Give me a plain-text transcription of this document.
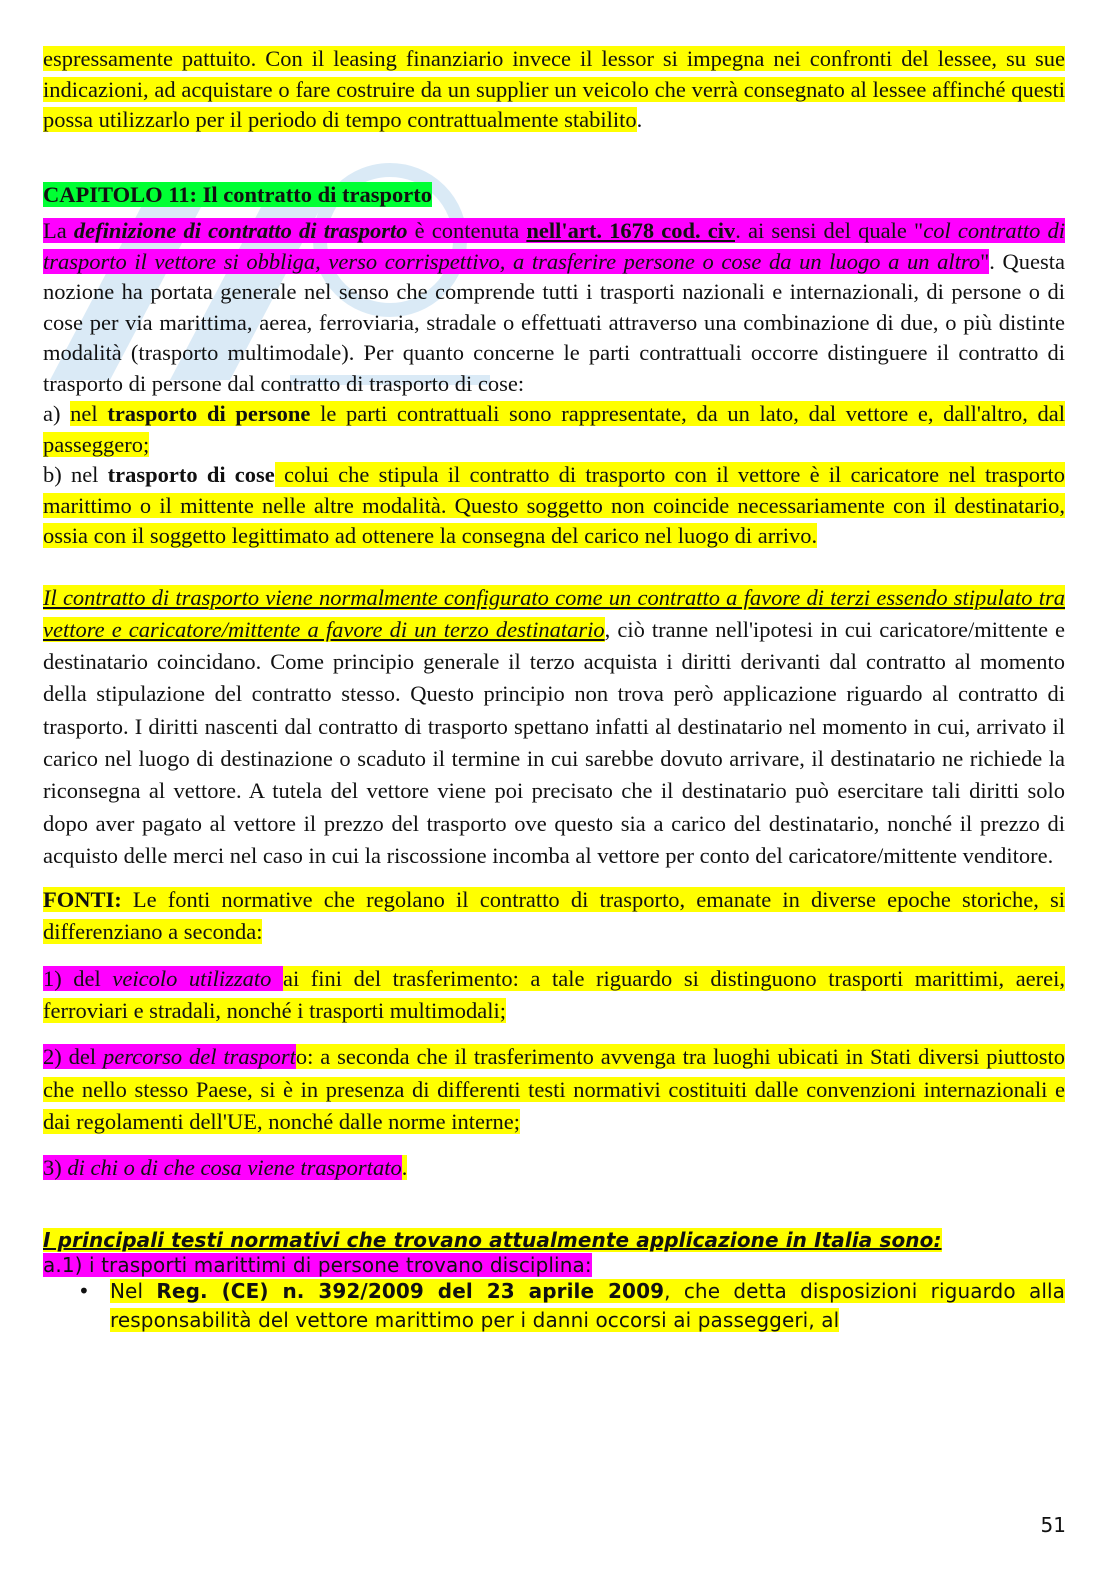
espressamente pattuito. Con il leasing finanziario invece il lessor si impegna nei confronti del lessee, su sue indicazioni, ad acquistare o fare costruire da un supplier un veicolo che verrà consegnato al lessee affinché questi possa utilizzarlo per il periodo di tempo contrattualmente stabilito.

CAPITOLO 11: Il contratto di trasporto

La definizione di contratto di trasporto è contenuta nell'art. 1678 cod. civ. ai sensi del quale "col contratto di trasporto il vettore si obbliga, verso corrispettivo, a trasferire persone o cose da un luogo a un altro". Questa nozione ha portata generale nel senso che comprende tutti i trasporti nazionali e internazionali, di persone o di cose per via marittima, aerea, ferroviaria, stradale o effettuati attraverso una combinazione di due, o più distinte modalità (trasporto multimodale). Per quanto concerne le parti contrattuali occorre distinguere il contratto di trasporto di persone dal contratto di trasporto di cose:

a) nel trasporto di persone le parti contrattuali sono rappresentate, da un lato, dal vettore e, dall'altro, dal passeggero;

b) nel trasporto di cose colui che stipula il contratto di trasporto con il vettore è il caricatore nel trasporto marittimo o il mittente nelle altre modalità. Questo soggetto non coincide necessariamente con il destinatario, ossia con il soggetto legittimato ad ottenere la consegna del carico nel luogo di arrivo.

Il contratto di trasporto viene normalmente configurato come un contratto a favore di terzi essendo stipulato tra vettore e caricatore/mittente a favore di un terzo destinatario, ciò tranne nell'ipotesi in cui caricatore/mittente e destinatario coincidano. Come principio generale il terzo acquista i diritti derivanti dal contratto al momento della stipulazione del contratto stesso. Questo principio non trova però applicazione riguardo al contratto di trasporto. I diritti nascenti dal contratto di trasporto spettano infatti al destinatario nel momento in cui, arrivato il carico nel luogo di destinazione o scaduto il termine in cui sarebbe dovuto arrivare, il destinatario ne richiede la riconsegna al vettore. A tutela del vettore viene poi precisato che il destinatario può esercitare tali diritti solo dopo aver pagato al vettore il prezzo del trasporto ove questo sia a carico del destinatario, nonché il prezzo di acquisto delle merci nel caso in cui la riscossione incomba al vettore per conto del caricatore/mittente venditore.

FONTI: Le fonti normative che regolano il contratto di trasporto, emanate in diverse epoche storiche, si differenziano a seconda:

1) del veicolo utilizzato ai fini del trasferimento: a tale riguardo si distinguono trasporti marittimi, aerei, ferroviari e stradali, nonché i trasporti multimodali;

2) del percorso del trasporto: a seconda che il trasferimento avvenga tra luoghi ubicati in Stati diversi piuttosto che nello stesso Paese, si è in presenza di differenti testi normativi costituiti dalle convenzioni internazionali e dai regolamenti dell'UE, nonché dalle norme interne;

3) di chi o di che cosa viene trasportato.

I principali testi normativi che trovano attualmente applicazione in Italia sono:

a.1) i trasporti marittimi di persone trovano disciplina:

• Nel Reg. (CE) n. 392/2009 del 23 aprile 2009, che detta disposizioni riguardo alla responsabilità del vettore marittimo per i danni occorsi ai passeggeri, al

51
